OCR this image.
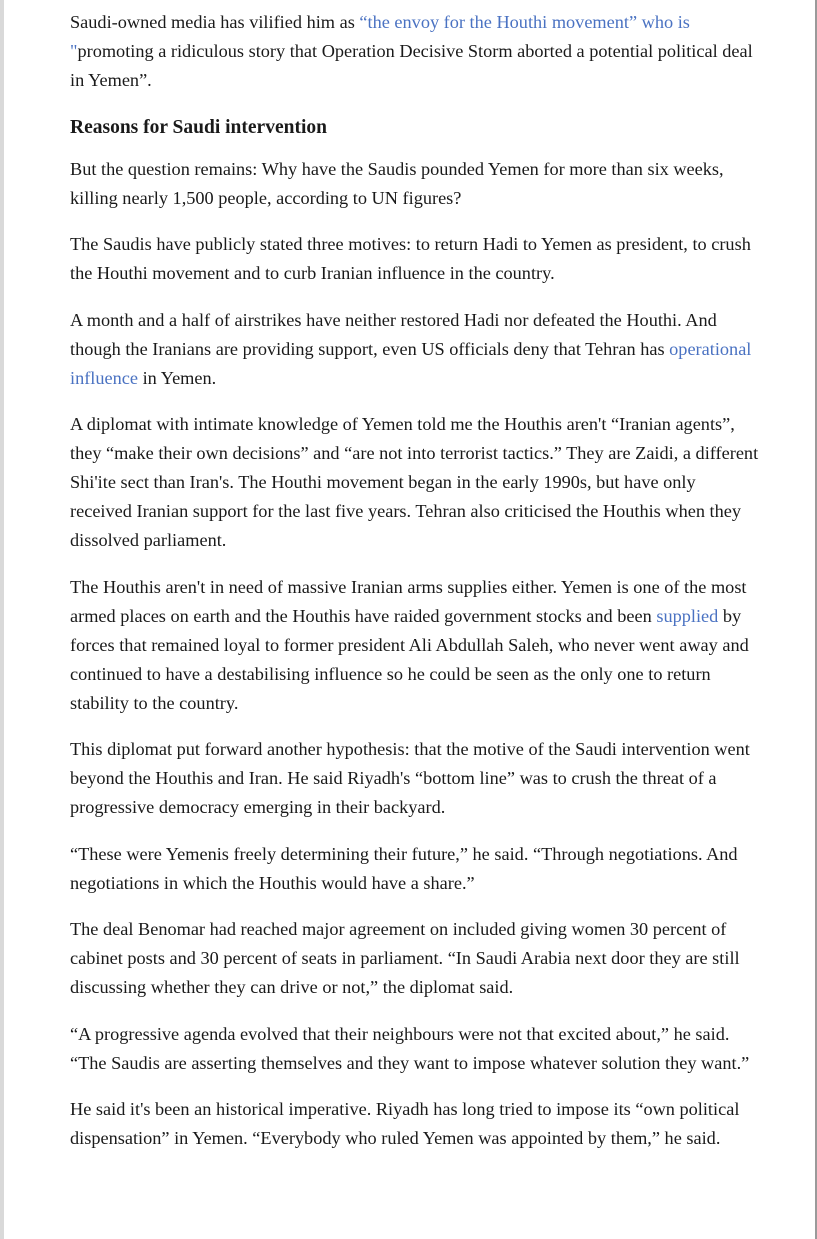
Saudi-owned media has vilified him as “the envoy for the Houthi movement” who is "promoting a ridiculous story that Operation Decisive Storm aborted a potential political deal in Yemen”.

Reasons for Saudi intervention

But the question remains: Why have the Saudis pounded Yemen for more than six weeks, killing nearly 1,500 people, according to UN figures?

The Saudis have publicly stated three motives: to return Hadi to Yemen as president, to crush the Houthi movement and to curb Iranian influence in the country.

A month and a half of airstrikes have neither restored Hadi nor defeated the Houthi. And though the Iranians are providing support, even US officials deny that Tehran has operational influence in Yemen.

A diplomat with intimate knowledge of Yemen told me the Houthis aren't “Iranian agents”, they “make their own decisions” and “are not into terrorist tactics.” They are Zaidi, a different Shi'ite sect than Iran's. The Houthi movement began in the early 1990s, but have only received Iranian support for the last five years. Tehran also criticised the Houthis when they dissolved parliament.

The Houthis aren't in need of massive Iranian arms supplies either. Yemen is one of the most armed places on earth and the Houthis have raided government stocks and been supplied by forces that remained loyal to former president Ali Abdullah Saleh, who never went away and continued to have a destabilising influence so he could be seen as the only one to return stability to the country.

This diplomat put forward another hypothesis: that the motive of the Saudi intervention went beyond the Houthis and Iran. He said Riyadh's “bottom line” was to crush the threat of a progressive democracy emerging in their backyard.

“These were Yemenis freely determining their future,” he said. “Through negotiations. And negotiations in which the Houthis would have a share.”

The deal Benomar had reached major agreement on included giving women 30 percent of cabinet posts and 30 percent of seats in parliament. “In Saudi Arabia next door they are still discussing whether they can drive or not,” the diplomat said.

“A progressive agenda evolved that their neighbours were not that excited about,” he said. “The Saudis are asserting themselves and they want to impose whatever solution they want.”

He said it's been an historical imperative. Riyadh has long tried to impose its “own political dispensation” in Yemen. “Everybody who ruled Yemen was appointed by them,” he said.
